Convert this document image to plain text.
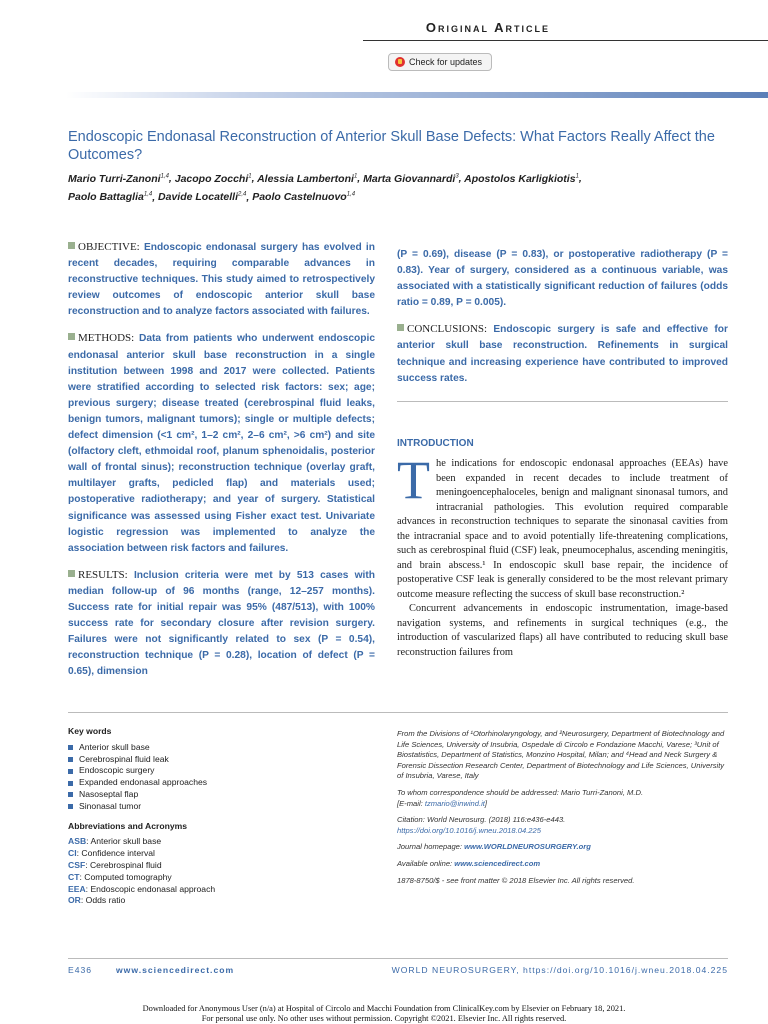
Original Article
Check for updates
Endoscopic Endonasal Reconstruction of Anterior Skull Base Defects: What Factors Really Affect the Outcomes?
Mario Turri-Zanoni$^{1,4}$, Jacopo Zocchi$^1$, Alessia Lambertoni$^1$, Marta Giovannardi$^3$, Apostolos Karligkiotis$^1$,
Paolo Battaglia$^{1,4}$, Davide Locatelli$^{2,4}$, Paolo Castelnuovo$^{1,4}$

OBJECTIVE: Endoscopic endonasal surgery has evolved in recent decades, requiring comparable advances in reconstructive techniques. This study aimed to retrospectively review outcomes of endoscopic anterior skull base reconstruction and to analyze factors associated with failures.

METHODS: Data from patients who underwent endoscopic endonasal anterior skull base reconstruction in a single institution between 1998 and 2017 were collected. Patients were stratified according to selected risk factors: sex; age; previous surgery; disease treated (cerebrospinal fluid leaks, benign tumors, malignant tumors); single or multiple defects; defect dimension (<1 cm², 1–2 cm², 2–6 cm², >6 cm²) and site (olfactory cleft, ethmoidal roof, planum sphenoidalis, posterior wall of frontal sinus); reconstruction technique (overlay graft, multilayer grafts, pedicled flap) and materials used; postoperative radiotherapy; and year of surgery. Statistical significance was assessed using Fisher exact test. Univariate logistic regression was implemented to analyze the association between risk factors and failures.

RESULTS: Inclusion criteria were met by 513 cases with median follow-up of 96 months (range, 12–257 months). Success rate for initial repair was 95% (487/513), with 100% success rate for secondary closure after revision surgery. Failures were not significantly related to sex (P = 0.54), reconstruction technique (P = 0.28), location of defect (P = 0.65), dimension

(P = 0.69), disease (P = 0.83), or postoperative radiotherapy (P = 0.83). Year of surgery, considered as a continuous variable, was associated with a statistically significant reduction of failures (odds ratio = 0.89, P = 0.005).

CONCLUSIONS: Endoscopic surgery is safe and effective for anterior skull base reconstruction. Refinements in surgical technique and increasing experience have contributed to improved success rates.

INTRODUCTION

The indications for endoscopic endonasal approaches (EEAs) have been expanded in recent decades to include treatment of meningoencephaloceles, benign and malignant sinonasal tumors, and intracranial pathologies. This evolution required comparable advances in reconstruction techniques to separate the sinonasal cavities from the intracranial space and to avoid potentially life-threatening complications, such as cerebrospinal fluid (CSF) leak, pneumocephalus, ascending meningitis, and brain abscess.¹ In endoscopic skull base repair, the incidence of postoperative CSF leak is generally considered to be the most relevant primary outcome measure reflecting the success of skull base reconstruction.²

Concurrent advancements in endoscopic instrumentation, image-based navigation systems, and refinements in surgical techniques (e.g., the introduction of vascularized flaps) all have contributed to reducing skull base reconstruction failures from

Key words
Anterior skull base
Cerebrospinal fluid leak
Endoscopic surgery
Expanded endonasal approaches
Nasoseptal flap
Sinonasal tumor
Abbreviations and Acronyms
ASB: Anterior skull base
CI: Confidence interval
CSF: Cerebrospinal fluid
CT: Computed tomography
EEA: Endoscopic endonasal approach
OR: Odds ratio

From the Divisions of ¹Otorhinolaryngology, and ²Neurosurgery, Department of Biotechnology and Life Sciences, University of Insubria, Ospedale di Circolo e Fondazione Macchi, Varese; ³Unit of Biostatistics, Department of Statistics, Monzino Hospital, Milan; and ⁴Head and Neck Surgery & Forensic Dissection Research Center, Department of Biotechnology and Life Sciences, University of Insubria, Varese, Italy

To whom correspondence should be addressed: Mario Turri-Zanoni, M.D.
[E-mail: tzmario@inwind.it]

Citation: World Neurosurg. (2018) 116:e436-e443.
https://doi.org/10.1016/j.wneu.2018.04.225

Journal homepage: www.WORLDNEUROSURGERY.org

Available online: www.sciencedirect.com

1878-8750/$ - see front matter © 2018 Elsevier Inc. All rights reserved.

E436	www.sciencedirect.com	WORLD NEUROSURGERY, https://doi.org/10.1016/j.wneu.2018.04.225
Downloaded for Anonymous User (n/a) at Hospital of Circolo and Macchi Foundation from ClinicalKey.com by Elsevier on February 18, 2021.
For personal use only. No other uses without permission. Copyright ©2021. Elsevier Inc. All rights reserved.
